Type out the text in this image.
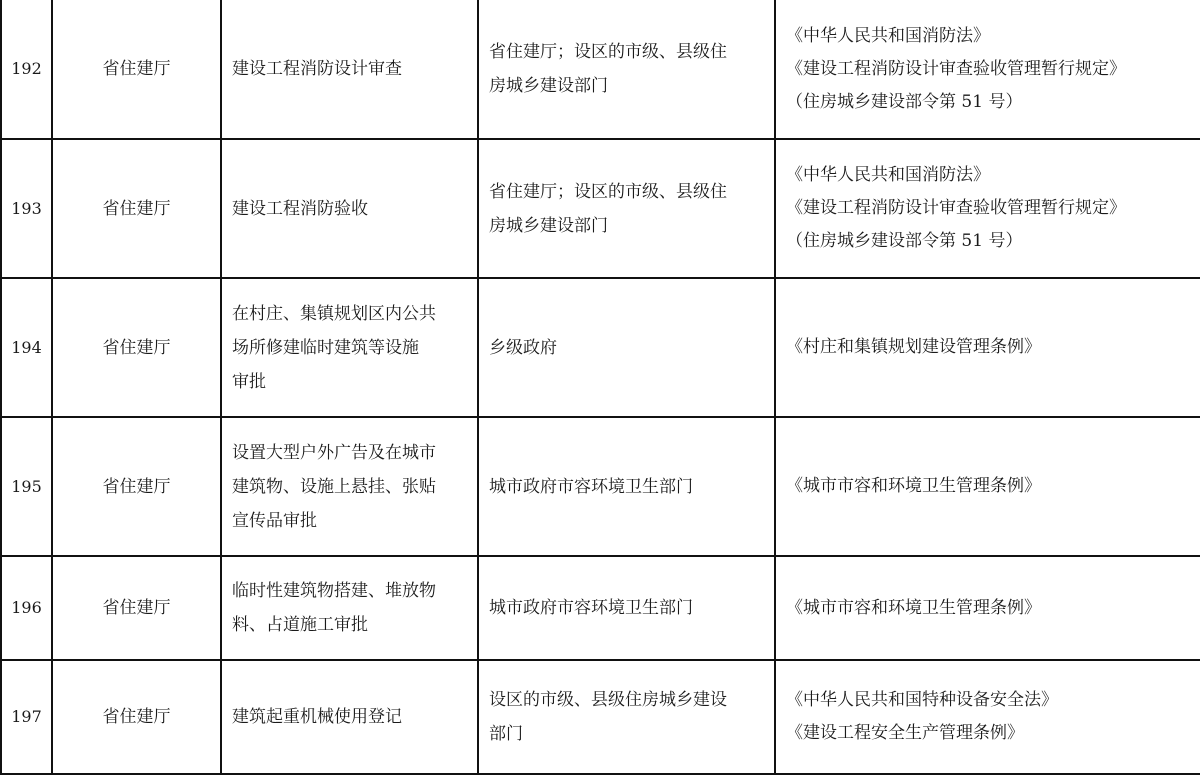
192	省住建厅	建设工程消防设计审查	省住建厅；设区的市级、县级住
房城乡建设部门	《中华人民共和国消防法》
《建设工程消防设计审查验收管理暂行规定》
（住房城乡建设部令第 51 号）
193	省住建厅	建设工程消防验收	省住建厅；设区的市级、县级住
房城乡建设部门	《中华人民共和国消防法》
《建设工程消防设计审查验收管理暂行规定》
（住房城乡建设部令第 51 号）
194	省住建厅	在村庄、集镇规划区内公共
场所修建临时建筑等设施
审批	乡级政府	《村庄和集镇规划建设管理条例》
195	省住建厅	设置大型户外广告及在城市
建筑物、设施上悬挂、张贴
宣传品审批	城市政府市容环境卫生部门	《城市市容和环境卫生管理条例》
196	省住建厅	临时性建筑物搭建、堆放物
料、占道施工审批	城市政府市容环境卫生部门	《城市市容和环境卫生管理条例》
197	省住建厅	建筑起重机械使用登记	设区的市级、县级住房城乡建设
部门	《中华人民共和国特种设备安全法》
《建设工程安全生产管理条例》
